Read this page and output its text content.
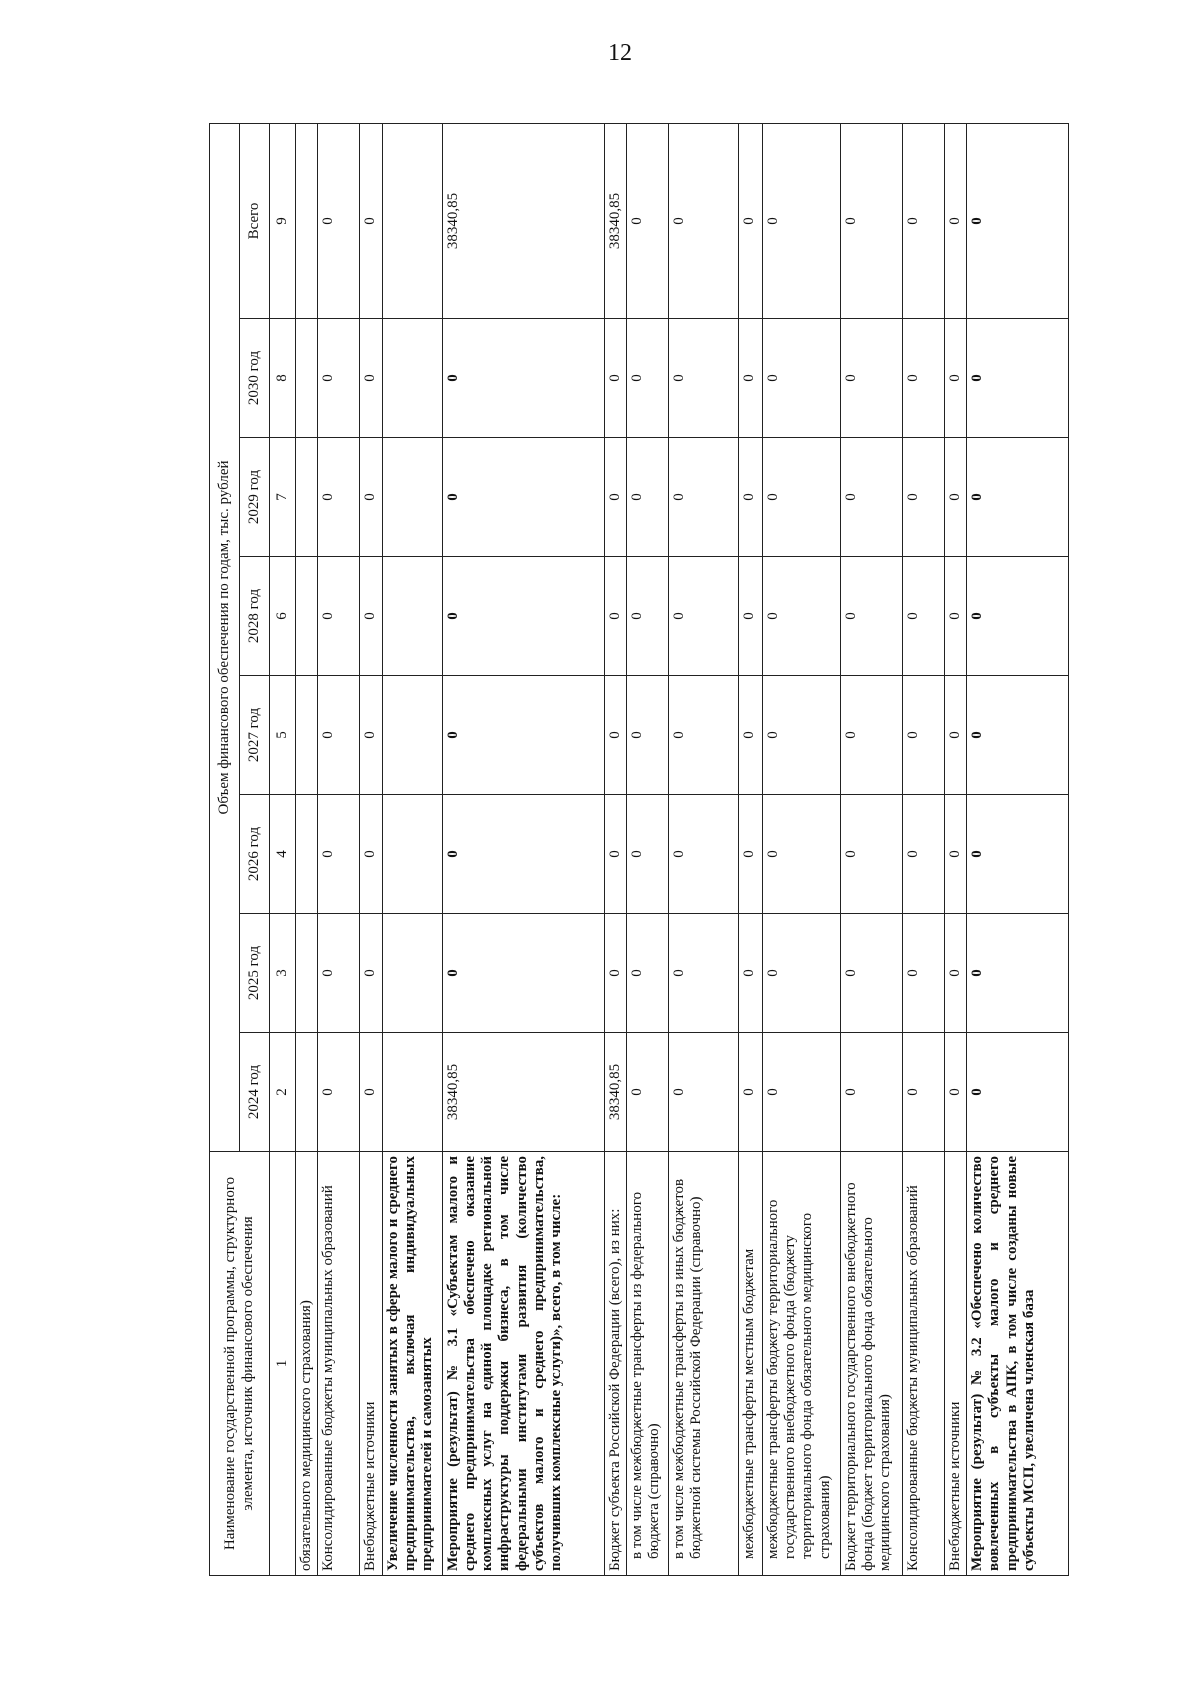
12
Наименование государственной программы, структурного элемента, источник финансового обеспечения	Объем финансового обеспечения по годам, тыс. рублей							
	2024 год	2025 год	2026 год	2027 год	2028 год	2029 год	2030 год	Всего
1	2	3	4	5	6	7	8	9
обязательного медицинского страхования)								
Консолидированные бюджеты муниципальных образований	0	0	0	0	0	0	0	0
Внебюджетные источники	0	0	0	0	0	0	0	0
Увеличение численности занятых в сфере малого и среднего предпринимательства, включая индивидуальных предпринимателей и самозанятых								
Мероприятие (результат) № 3.1 «Субъектам малого и среднего предпринимательства обеспечено оказание комплексных услуг на единой площадке региональной инфраструктуры поддержки бизнеса, в том числе федеральными институтами развития (количество субъектов малого и среднего предпринимательства, получивших комплексные услуги)», всего, в том числе:	38340,85	0	0	0	0	0	0	38340,85
Бюджет субъекта Российской Федерации (всего), из них:	38340,85	0	0	0	0	0	0	38340,85
в том числе межбюджетные трансферты из федерального бюджета (справочно)	0	0	0	0	0	0	0	0
в том числе межбюджетные трансферты из иных бюджетов бюджетной системы Российской Федерации (справочно)	0	0	0	0	0	0	0	0
межбюджетные трансферты местным бюджетам	0	0	0	0	0	0	0	0
межбюджетные трансферты бюджету территориального государственного внебюджетного фонда (бюджету территориального фонда обязательного медицинского страхования)	0	0	0	0	0	0	0	0
Бюджет территориального государственного внебюджетного фонда (бюджет территориального фонда обязательного медицинского страхования)	0	0	0	0	0	0	0	0
Консолидированные бюджеты муниципальных образований	0	0	0	0	0	0	0	0
Внебюджетные источники	0	0	0	0	0	0	0	0
Мероприятие (результат) № 3.2 «Обеспечено количество вовлеченных в субъекты малого и среднего предпринимательства в АПК, в том числе созданы новые субъекты МСП, увеличена членская база	0	0	0	0	0	0	0	0
